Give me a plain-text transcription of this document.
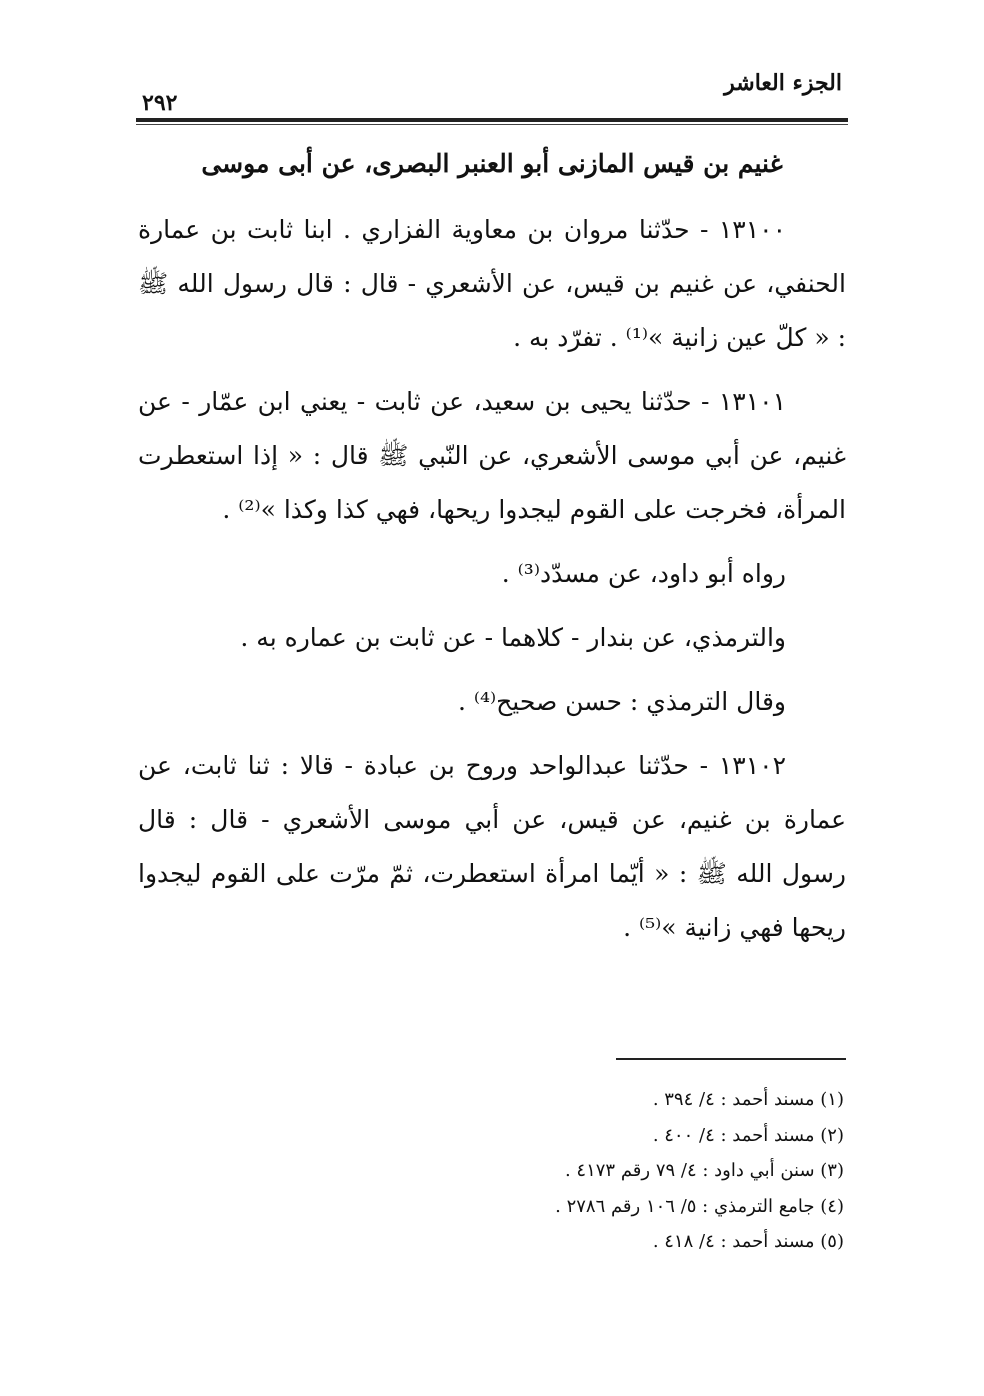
الجزء العاشر
٢٩٢
غنيم بن قيس المازنى أبو العنبر البصرى، عن أبى موسى

١٣١٠٠ - حدّثنا مروان بن معاوية الفزاري . ابنا ثابت بن عمارة الحنفي، عن غنيم بن قيس، عن الأشعري - قال : قال رسول الله ﷺ : « كلّ عين زانية »⁽¹⁾ . تفرّد به .

١٣١٠١ - حدّثنا يحيى بن سعيد، عن ثابت - يعني ابن عمّار - عن غنيم، عن أبي موسى الأشعري، عن النّبي ﷺ قال : « إذا استعطرت المرأة، فخرجت على القوم ليجدوا ريحها، فهي كذا وكذا »⁽²⁾ .

رواه أبو داود، عن مسدّد⁽³⁾ .

والترمذي، عن بندار - كلاهما - عن ثابت بن عماره به .

وقال الترمذي : حسن صحيح⁽⁴⁾ .

١٣١٠٢ - حدّثنا عبدالواحد وروح بن عبادة - قالا : ثنا ثابت، عن عمارة بن غنيم، عن قيس، عن أبي موسى الأشعري - قال : قال رسول الله ﷺ : « أيّما امرأة استعطرت، ثمّ مرّت على القوم ليجدوا ريحها فهي زانية »⁽⁵⁾ .

(١) مسند أحمد : ٤/ ٣٩٤ .
(٢) مسند أحمد : ٤/ ٤٠٠ .
(٣) سنن أبي داود : ٤/ ٧٩ رقم ٤١٧٣ .
(٤) جامع الترمذي : ٥/ ١٠٦ رقم ٢٧٨٦ .
(٥) مسند أحمد : ٤/ ٤١٨ .
